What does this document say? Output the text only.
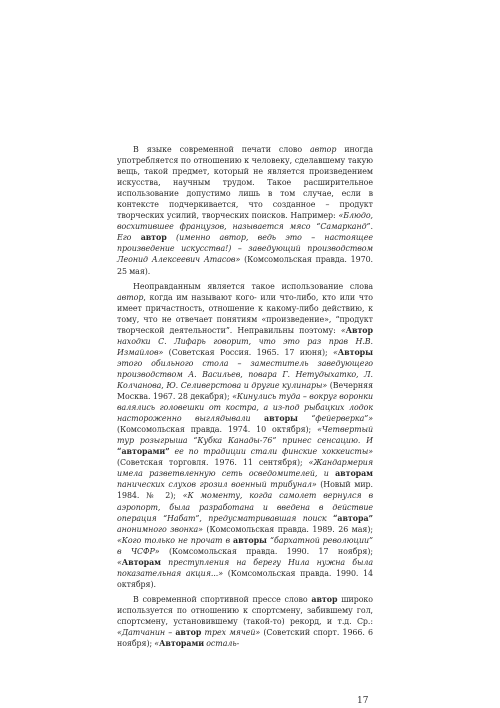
В языке современной печати слово автор иногда употребляется по отношению к человеку, сделавшему такую вещь, такой предмет, который не является произведением искусства, научным трудом. Такое расширительное использование допустимо лишь в том случае, если в контексте подчеркивается, что созданное – продукт творческих усилий, творческих поисков. Например: «Блюдо, восхитившее французов, называется мясо “Самарканд”. Его автор (именно автор, ведь это – настоящее произведение искусства!) – заведующий производством Леонид Алексеевич Атасов» (Комсомольская правда. 1970. 25 мая).

Неоправданным является такое использование слова автор, когда им называют кого- или что-либо, кто или что имеет причастность, отношение к какому-либо действию, к тому, что не отвечает понятиям «произведение», “продукт творческой деятельности”. Неправильны поэтому: «Автор находки С. Лифарь говорит, что это раз прав Н.В. Измайлов» (Советская Россия. 1965. 17 июня); «Авторы этого обильного стола – заместитель заведующего производством А. Васильев, повара Г. Нетудыхатко, Л. Колчанова, Ю. Селиверстова и другие кулинары» (Вечерняя Москва. 1967. 28 декабря); «Кинулись туда – вокруг воронки валялись головешки от костра, а из-под рыбацких лодок настороженно выглядывали авторы “фейерверка”» (Комсомольская правда. 1974. 10 октября); «Четвертый тур розыгрыша “Кубка Канады-76” принес сенсацию. И “авторами” ее по традиции стали финские хоккеисты» (Советская торговля. 1976. 11 сентября); «Жандармерия имела разветвленную сеть осведомителей, и авторам панических слухов грозил военный трибунал» (Новый мир. 1984. № 2); «К моменту, когда самолет вернулся в аэропорт, была разработана и введена в действие операция “Набат”, предусматривавшая поиск “автора” анонимного звонка» (Комсомольская правда. 1989. 26 мая); «Кого только не прочат в авторы “бархатной революции” в ЧСФР» (Комсомольская правда. 1990. 17 ноября); «Авторам преступления на берегу Нила нужна была показательная акция...» (Комсомольская правда. 1990. 14 октября).

В современной спортивной прессе слово автор широко используется по отношению к спортсмену, забившему гол, спортсмену, установившему (такой-то) рекорд, и т.д. Ср.: «Датчанин – автор трех мячей» (Советский спорт. 1966. 6 ноября); «Авторами осталь-

17
